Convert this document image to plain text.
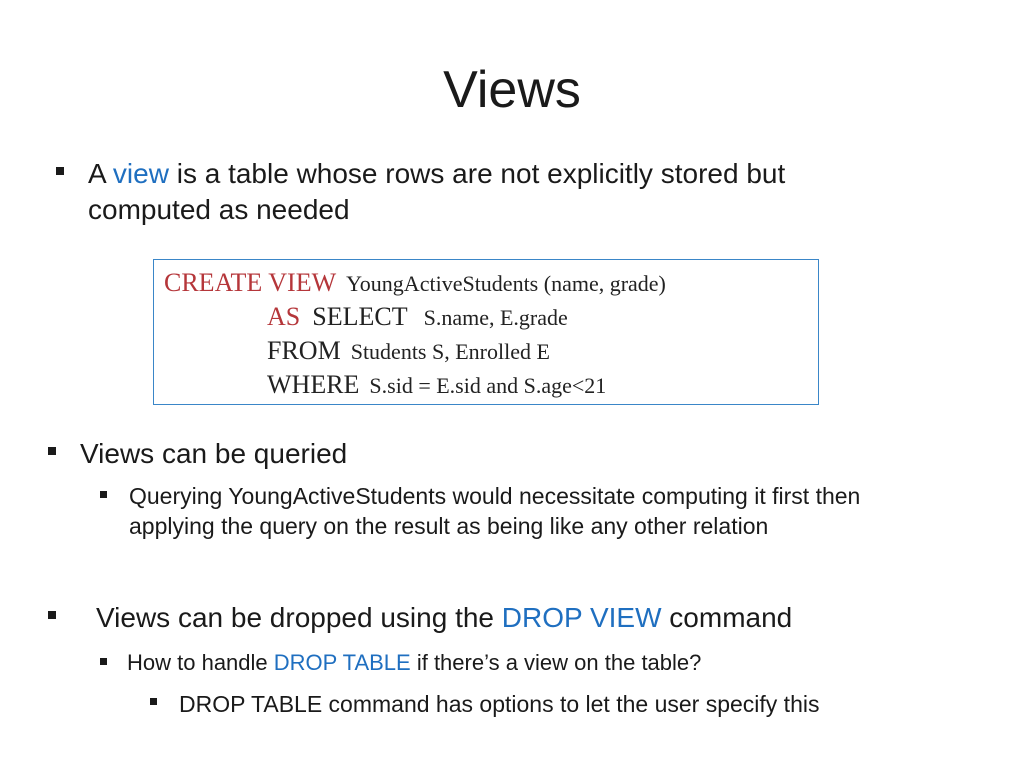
Views
A view is a table whose rows are not explicitly stored but
computed as needed
CREATE VIEW YoungActiveStudents (name, grade)
AS SELECT S.name, E.grade
FROM Students S, Enrolled E
WHERE S.sid = E.sid and S.age<21
Views can be queried
Querying YoungActiveStudents would necessitate computing it first then
applying the query on the result as being like any other relation
Views can be dropped using the DROP VIEW command
How to handle DROP TABLE if there’s a view on the table?
DROP TABLE command has options to let the user specify this
